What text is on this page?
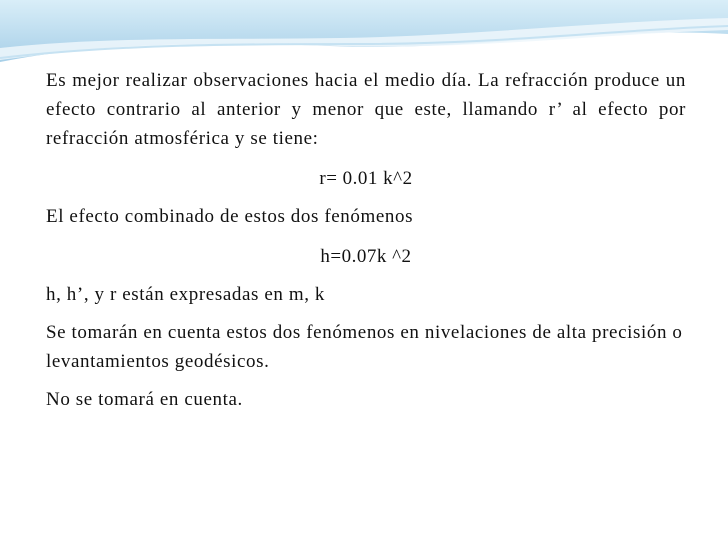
Es mejor realizar observaciones hacia el medio día. La refracción produce un efecto contrario al anterior y menor que este, llamando r’ al efecto por refracción atmosférica y se tiene:

r= 0.01 k^2

El efecto combinado de estos dos fenómenos

h=0.07k ^2

h, h’, y r están expresadas en m, k

Se tomarán en cuenta estos dos fenómenos en nivelaciones de alta precisión o levantamientos geodésicos.

No se tomará en cuenta.
